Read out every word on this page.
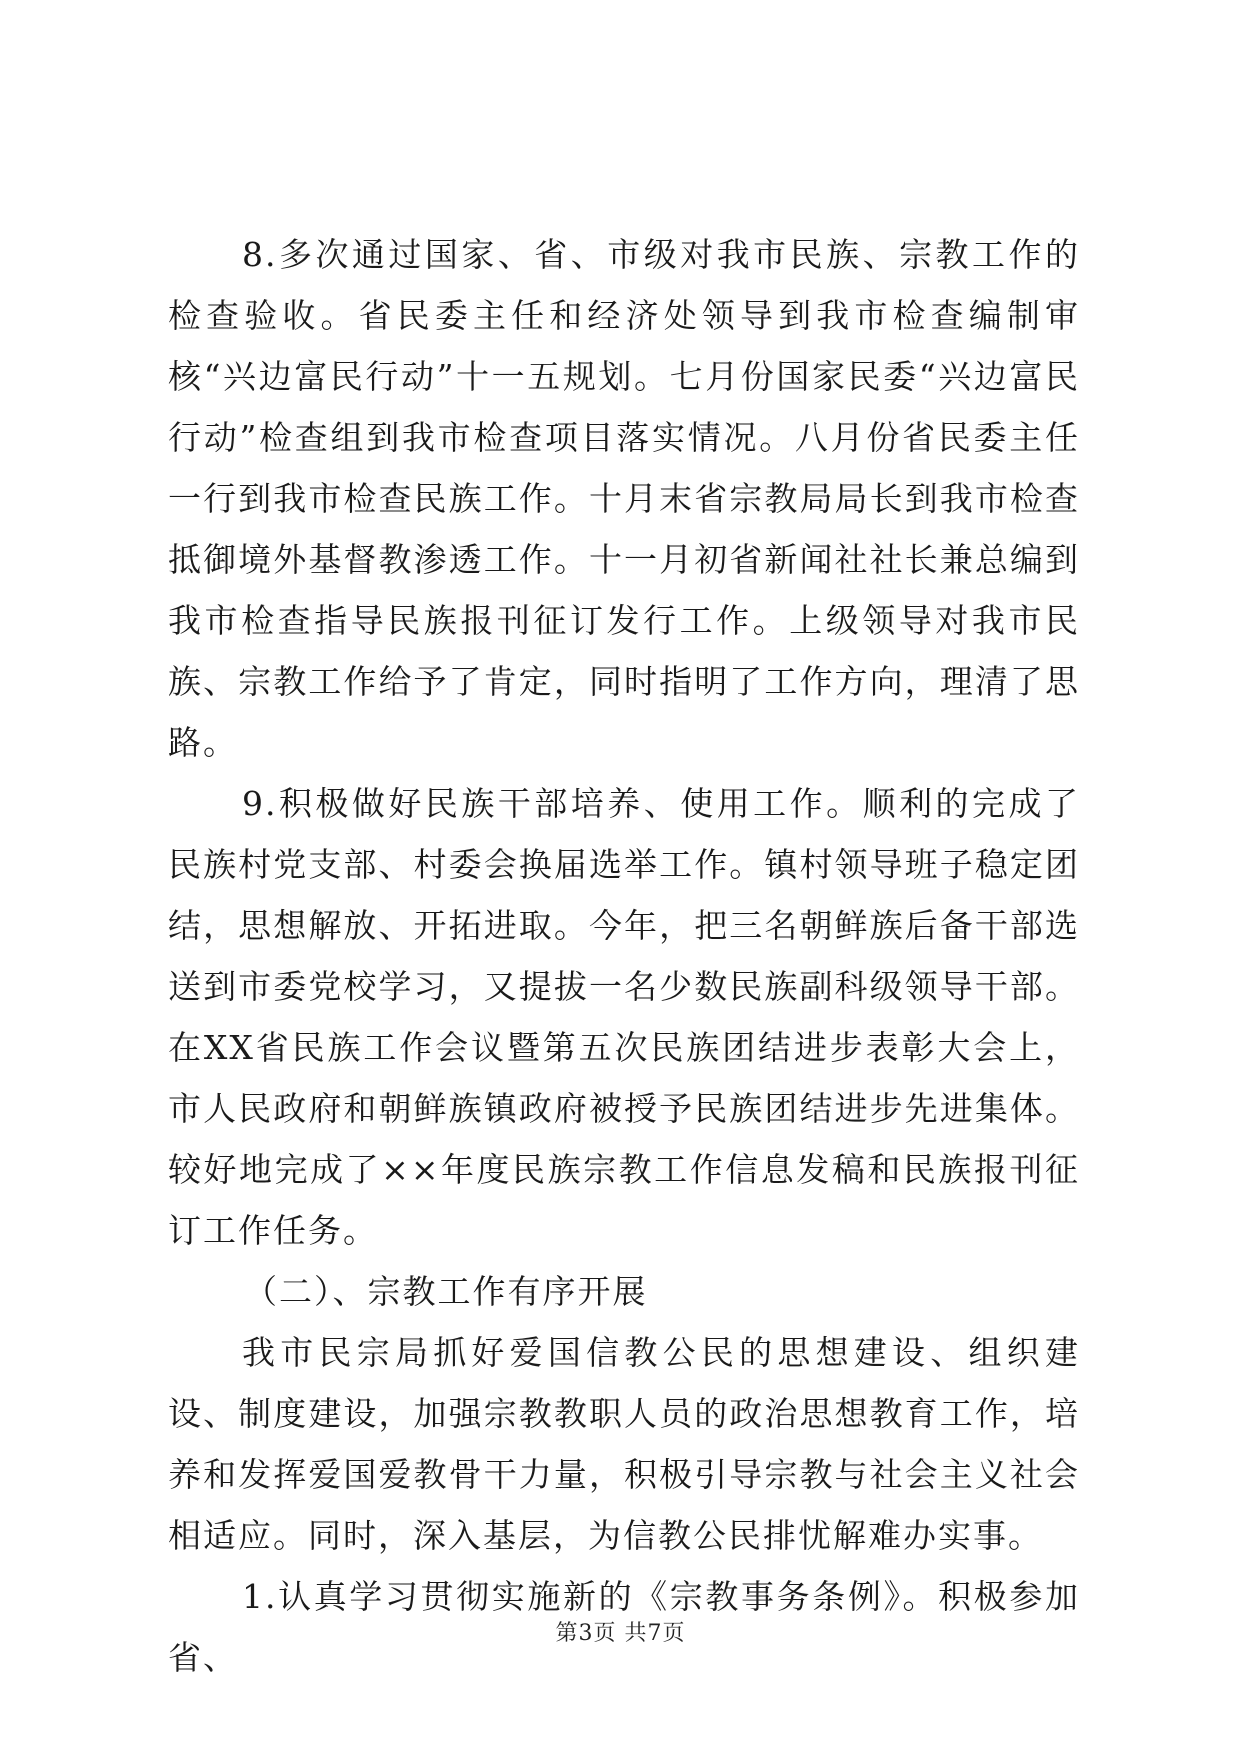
8.多次通过国家、省、市级对我市民族、宗教工作的检查验收。省民委主任和经济处领导到我市检查编制审核“兴边富民行动”十一五规划。七月份国家民委“兴边富民行动”检查组到我市检查项目落实情况。八月份省民委主任一行到我市检查民族工作。十月末省宗教局局长到我市检查抵御境外基督教渗透工作。十一月初省新闻社社长兼总编到我市检查指导民族报刊征订发行工作。上级领导对我市民族、宗教工作给予了肯定，同时指明了工作方向，理清了思路。

9.积极做好民族干部培养、使用工作。顺利的完成了民族村党支部、村委会换届选举工作。镇村领导班子稳定团结，思想解放、开拓进取。今年，把三名朝鲜族后备干部选送到市委党校学习，又提拔一名少数民族副科级领导干部。在XX省民族工作会议暨第五次民族团结进步表彰大会上，市人民政府和朝鲜族镇政府被授予民族团结进步先进集体。较好地完成了××年度民族宗教工作信息发稿和民族报刊征订工作任务。

（二）、宗教工作有序开展

我市民宗局抓好爱国信教公民的思想建设、组织建设、制度建设，加强宗教教职人员的政治思想教育工作，培养和发挥爱国爱教骨干力量，积极引导宗教与社会主义社会相适应。同时，深入基层，为信教公民排忧解难办实事。

1.认真学习贯彻实施新的《宗教事务条例》。积极参加省、

第3页 共7页
